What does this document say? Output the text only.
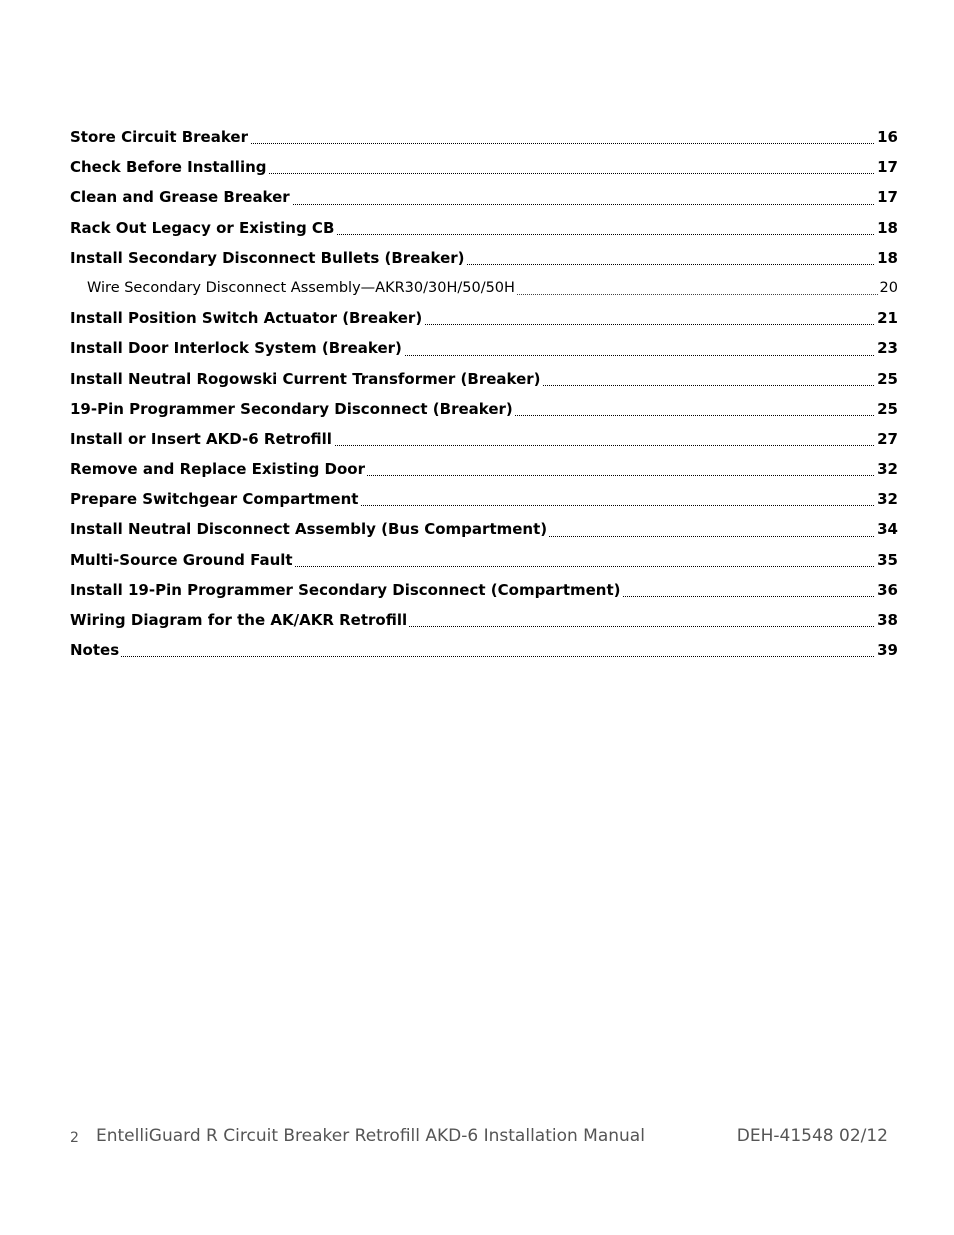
Store Circuit Breaker	16
Check Before Installing	17
Clean and Grease Breaker	17
Rack Out Legacy or Existing CB	18
Install Secondary Disconnect Bullets (Breaker)	18
Wire Secondary Disconnect Assembly—AKR30/30H/50/50H	20
Install Position Switch Actuator (Breaker)	21
Install Door Interlock System (Breaker)	23
Install Neutral Rogowski Current Transformer (Breaker)	25
19-Pin Programmer Secondary Disconnect (Breaker)	25
Install or Insert AKD-6 Retrofill	27
Remove and Replace Existing Door	32
Prepare Switchgear Compartment	32
Install Neutral Disconnect Assembly (Bus Compartment)	34
Multi-Source Ground Fault	35
Install 19-Pin Programmer Secondary Disconnect (Compartment)	36
Wiring Diagram for the AK/AKR Retrofill	38
Notes	39
2 EntelliGuard R Circuit Breaker Retrofill AKD-6 Installation Manual	DEH-41548 02/12
